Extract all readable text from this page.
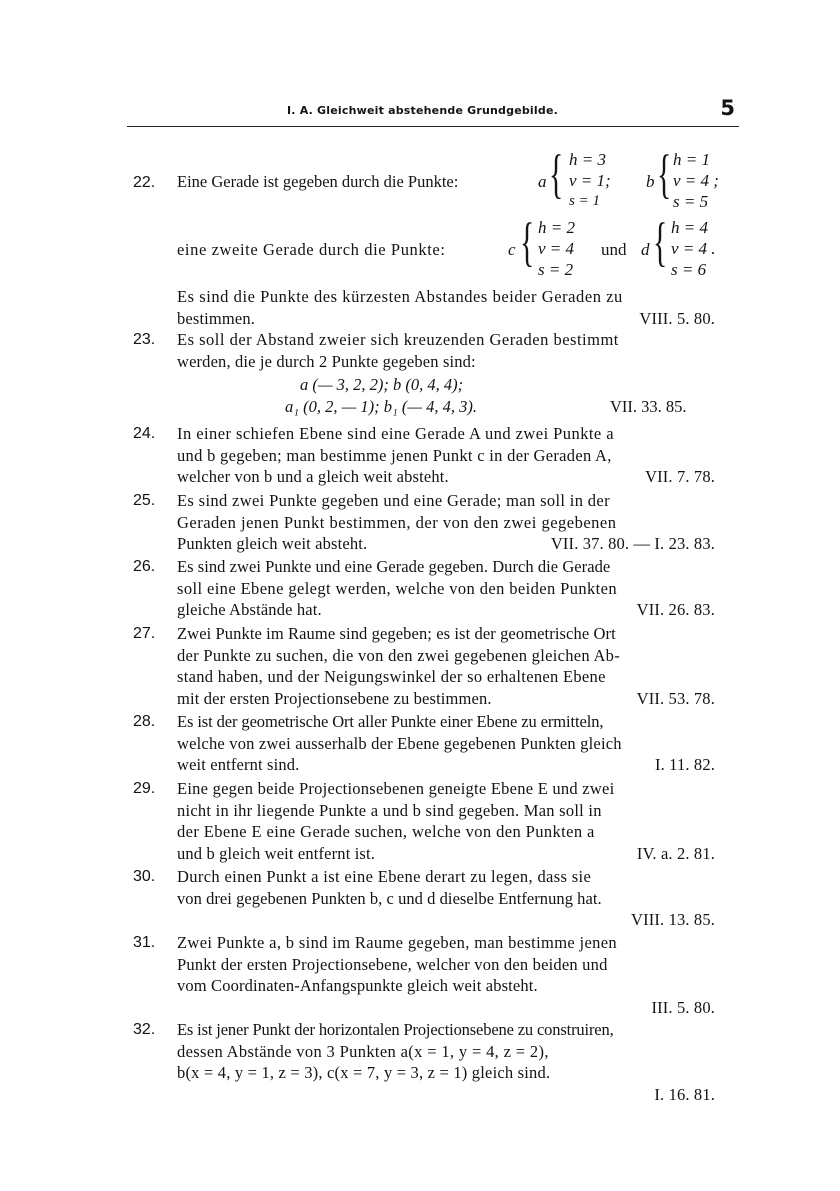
I. A. Gleichweit abstehende Grundgebilde.	5
22.	Eine Gerade ist gegeben durch die Punkte:	a { h = 3
v = 1;
s = 1
b { h = 1
v = 4 ;
s = 5
eine zweite Gerade durch die Punkte:	c { h = 2
v = 4
s = 2
und d { h = 4
v = 4 .
s = 6
Es sind die Punkte des kürzesten Abstandes beider Geraden zu
bestimmen.	VIII. 5. 80.
23.	Es soll der Abstand zweier sich kreuzenden Geraden bestimmt
werden, die je durch 2 Punkte gegeben sind:
a (— 3, 2, 2); b (0, 4, 4);
a₁ (0, 2, — 1); b₁ (— 4, 4, 3).	VII. 33. 85.
24.	In einer schiefen Ebene sind eine Gerade A und zwei Punkte a
und b gegeben; man bestimme jenen Punkt c in der Geraden A,
welcher von b und a gleich weit absteht.	VII. 7. 78.
25.	Es sind zwei Punkte gegeben und eine Gerade; man soll in der
Geraden jenen Punkt bestimmen, der von den zwei gegebenen
Punkten gleich weit absteht.	VII. 37. 80. — I. 23. 83.
26.	Es sind zwei Punkte und eine Gerade gegeben. Durch die Gerade
soll eine Ebene gelegt werden, welche von den beiden Punkten
gleiche Abstände hat.	VII. 26. 83.
27.	Zwei Punkte im Raume sind gegeben; es ist der geometrische Ort
der Punkte zu suchen, die von den zwei gegebenen gleichen Ab-
stand haben, und der Neigungswinkel der so erhaltenen Ebene
mit der ersten Projectionsebene zu bestimmen.	VII. 53. 78.
28.	Es ist der geometrische Ort aller Punkte einer Ebene zu ermitteln,
welche von zwei ausserhalb der Ebene gegebenen Punkten gleich
weit entfernt sind.	I. 11. 82.
29.	Eine gegen beide Projectionsebenen geneigte Ebene E und zwei
nicht in ihr liegende Punkte a und b sind gegeben. Man soll in
der Ebene E eine Gerade suchen, welche von den Punkten a
und b gleich weit entfernt ist.	IV. a. 2. 81.
30.	Durch einen Punkt a ist eine Ebene derart zu legen, dass sie
von drei gegebenen Punkten b, c und d dieselbe Entfernung hat.
VIII. 13. 85.
31.	Zwei Punkte a, b sind im Raume gegeben, man bestimme jenen
Punkt der ersten Projectionsebene, welcher von den beiden und
vom Coordinaten-Anfangspunkte gleich weit absteht.
III. 5. 80.
32.	Es ist jener Punkt der horizontalen Projectionsebene zu construiren,
dessen Abstände von 3 Punkten a(x = 1, y = 4, z = 2),
b(x = 4, y = 1, z = 3), c(x = 7, y = 3, z = 1) gleich sind.
I. 16. 81.
